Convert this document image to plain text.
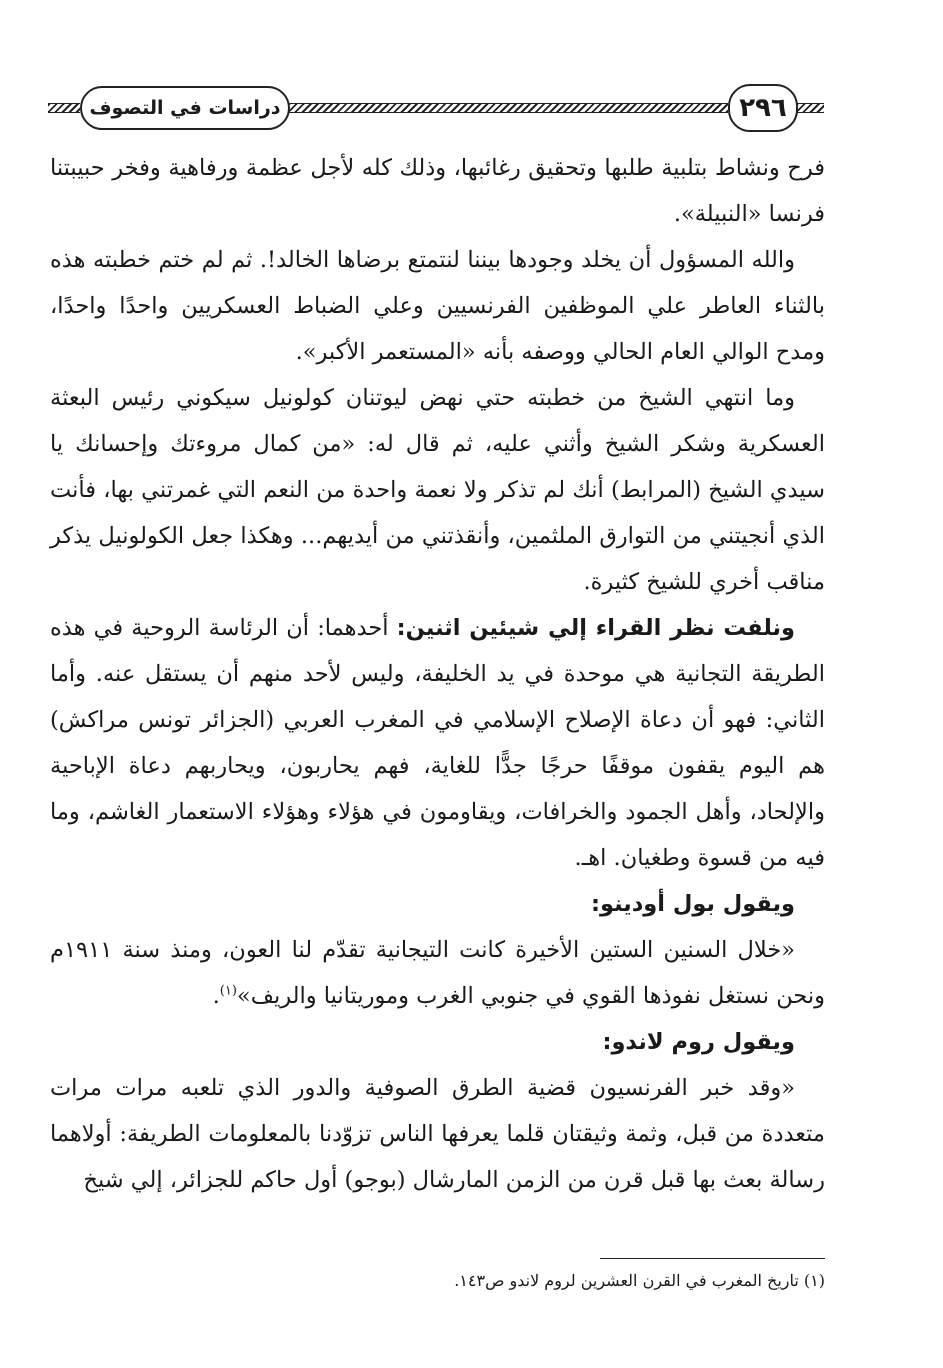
دراسات في التصوف	٢٩٦

فرح ونشاط بتلبية طلبها وتحقيق رغائبها، وذلك كله لأجل عظمة ورفاهية وفخر حبيبتنا فرنسا «النبيلة».

والله المسؤول أن يخلد وجودها بيننا لنتمتع برضاها الخالد!. ثم لم ختم خطبته هذه بالثناء العاطر علي الموظفين الفرنسيين وعلي الضباط العسكريين واحدًا واحدًا، ومدح الوالي العام الحالي ووصفه بأنه «المستعمر الأكبر».

وما انتهي الشيخ من خطبته حتي نهض ليوتنان كولونيل سيكوني رئيس البعثة العسكرية وشكر الشيخ وأثني عليه، ثم قال له: «من كمال مروءتك وإحسانك يا سيدي الشيخ (المرابط) أنك لم تذكر ولا نعمة واحدة من النعم التي غمرتني بها، فأنت الذي أنجيتني من التوارق الملثمين، وأنقذتني من أيديهم... وهكذا جعل الكولونيل يذكر مناقب أخري للشيخ كثيرة.

ونلفت نظر القراء إلي شيئين اثنين: أحدهما: أن الرئاسة الروحية في هذه الطريقة التجانية هي موحدة في يد الخليفة، وليس لأحد منهم أن يستقل عنه. وأما الثاني: فهو أن دعاة الإصلاح الإسلامي في المغرب العربي (الجزائر تونس مراكش) هم اليوم يقفون موقفًا حرجًا جدًّا للغاية، فهم يحاربون، ويحاربهم دعاة الإباحية والإلحاد، وأهل الجمود والخرافات، ويقاومون في هؤلاء وهؤلاء الاستعمار الغاشم، وما فيه من قسوة وطغيان. اهـ.

ويقول بول أودينو:

«خلال السنين الستين الأخيرة كانت التيجانية تقدّم لنا العون، ومنذ سنة ١٩١١م ونحن نستغل نفوذها القوي في جنوبي الغرب وموريتانيا والريف»$^{(١)}$.

ويقول روم لاندو:

«وقد خبر الفرنسيون قضية الطرق الصوفية والدور الذي تلعبه مرات مرات متعددة من قبل، وثمة وثيقتان قلما يعرفها الناس تزوّدنا بالمعلومات الطريفة: أولاهما رسالة بعث بها قبل قرن من الزمن المارشال (بوجو) أول حاكم للجزائر، إلي شيخ

(١) تاريخ المغرب في القرن العشرين لروم لاندو ص١٤٣.
